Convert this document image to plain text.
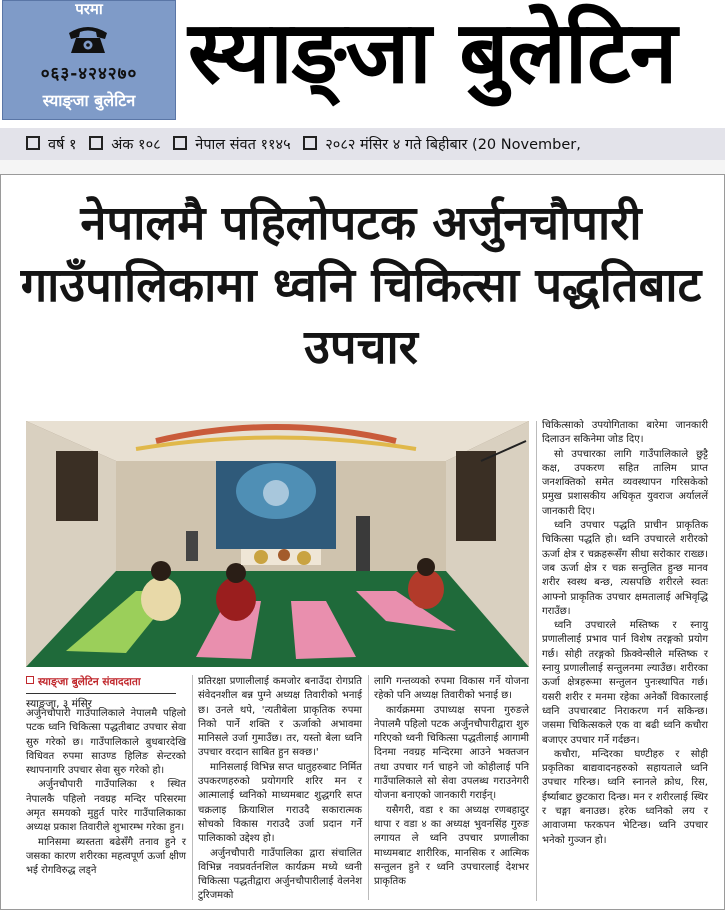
परमा
०६३-४२४२७०
स्याङ्जा बुलेटिन स्याङ्जा बुलेटिन
वर्ष १ अंक १०८ नेपाल संवत ११४५ २०८२ मंसिर ४ गते बिहीबार (20 November,
नेपालमै पहिलोपटक अर्जुनचौपारी गाउँपालिकामा ध्वनि चिकित्सा पद्धतिबाट उपचार
स्याङ्जा बुलेटिन संवाददाता
स्याङ्जा, ३ मंसिर

अर्जुनचौपारी गाउँपालिकाले नेपालमै पहिलो पटक ध्वनि चिकित्सा पद्धतीबाट उपचार सेवा सुरु गरेको छ। गाउँपालिकाले बुधबारदेखि विधिवत रुपमा साउण्ड हिलिङ सेन्टरको स्थापनागरि उपचार सेवा सुरु गरेको हो।

अर्जुनचौपारी गाउँपालिका १ स्थित नेपालकै पहिलो नवग्रह मन्दिर परिसरमा अमृत समयको मुहुर्त पारेर गाउँपालिकाका अध्यक्ष प्रकाश तिवारीले शुभारम्भ गरेका हुन।

मानिसमा ब्यस्तता बढेसँगै तनाव हुने र जसका कारण शरीरका महत्वपूर्ण ऊर्जा क्षीण भई रोगविरुद्ध लड्ने

प्रतिरक्षा प्रणालीलाई कमजोर बनाउँदा रोगप्रति संवेदनशील बन्न पुग्ने अध्यक्ष तिवारीको भनाई छ। उनले थपे, 'त्यतीबेला प्राकृतिक रुपमा निको पार्ने शक्ति र ऊर्जाको अभावमा मानिसले उर्जा गुमाउँछ। तर, यस्तो बेला ध्वनि उपचार वरदान साबित हुन सक्छ।'

मानिसलाई विभिन्न सप्त धातुहरुबाट निर्मित उपकरणहरुको प्रयोगगरि शरिर मन र आत्मालाई ध्वनिको माध्यमबाट शुद्धगरि सप्त चक्रलाइ क्रियाशिल गराउदै सकारात्मक सोचको विकास गराउदै उर्जा प्रदान गर्ने पालिकाको उद्देश्य हो।

अर्जुनचौपारी गाउँपालिका द्वारा संचालित विभिन्न नवप्रवर्तनशिल कार्यक्रम मध्ये ध्वनी चिकित्सा पद्धतीद्वारा अर्जुनचौपारीलाई वेलनेश टुरिजमको

लागि गन्तव्यको रुपमा विकास गर्ने योजना रहेको पनि अध्यक्ष तिवारीको भनाई छ।

कार्यक्रममा उपाध्यक्ष सपना गुरुङले नेपालमै पहिलो पटक अर्जुनचौपारीद्वारा शुरु गरिएको ध्वनी चिकित्सा पद्धतीलाई आगामी दिनमा नवग्रह मन्दिरमा आउने भक्तजन तथा उपचार गर्न चाहने जो कोहीलाई पनि गाउँपालिकाले सो सेवा उपलब्ध गराउनेगरी योजना बनाएको जानकारी गराईन्।

यसैगरी, वडा १ का अध्यक्ष रणबहादुर थापा र वडा ४ का अध्यक्ष भुवनसिंह गुरुङ लगायत ले ध्वनि उपचार प्रणालीका माध्यमबाट शारीरिक, मानसिक र आत्मिक सन्तुलन हुने र ध्वनि उपचारलाई देशभर प्राकृतिक

चिकित्साको उपयोगिताका बारेमा जानकारी दिलाउन सकिनेमा जोड दिए।

सो उपचारका लागि गाउँपालिकाले छुट्टै कक्ष, उपकरण सहित तालिम प्राप्त जनशक्तिको समेत व्यवस्थापन गरिसकेको प्रमुख प्रशासकीय अधिकृत युवराज अर्याललें जानकारी दिए।

ध्वनि उपचार पद्धति प्राचीन प्राकृतिक चिकित्सा पद्धति हो। ध्वनि उपचारले शरीरको ऊर्जा क्षेत्र र चक्रहरूसँग सीधा सरोकार राख्छ। जब ऊर्जा क्षेत्र र चक्र सन्तुलित हुन्छ मानव शरीर स्वस्थ बन्छ, त्यसपछि शरीरले स्वतः आफ्नो प्राकृतिक उपचार क्षमतालाई अभिवृद्धि गराउँछ।

ध्वनि उपचारले मस्तिष्क र स्नायु प्रणालीलाई प्रभाव पार्न विशेष तरङ्गको प्रयोग गर्छ। सोही तरङ्गको फ्रिक्वेन्सीले मस्तिष्क र स्नायु प्रणालीलाई सन्तुलनमा ल्याउँछ। शरीरका ऊर्जा क्षेत्रहरूमा सन्तुलन पुनःस्थापित गर्छ। यसरी शरीर र मनमा रहेका अनेकौं विकारलाई ध्वनि उपचारबाट निराकरण गर्न सकिन्छ। जसमा चिकित्सकले एक वा बढी ध्वनि कचौरा बजाएर उपचार गर्ने गर्दछन।

कचौरा, मन्दिरका घण्टीहरु र सोही प्रकृतिका बाद्यवादनहरुको सहायताले ध्वनि उपचार गरिन्छ। ध्वनि स्नानले क्रोध, रिस, ईर्ष्याबाट छुटकारा दिन्छ। मन र शरीरलाई स्थिर र चङ्गा बनाउछ। हरेक ध्वनिको लय र आवाजमा फरकपन भेटिन्छ। ध्वनि उपचार भनेको गुञ्जन हो।
